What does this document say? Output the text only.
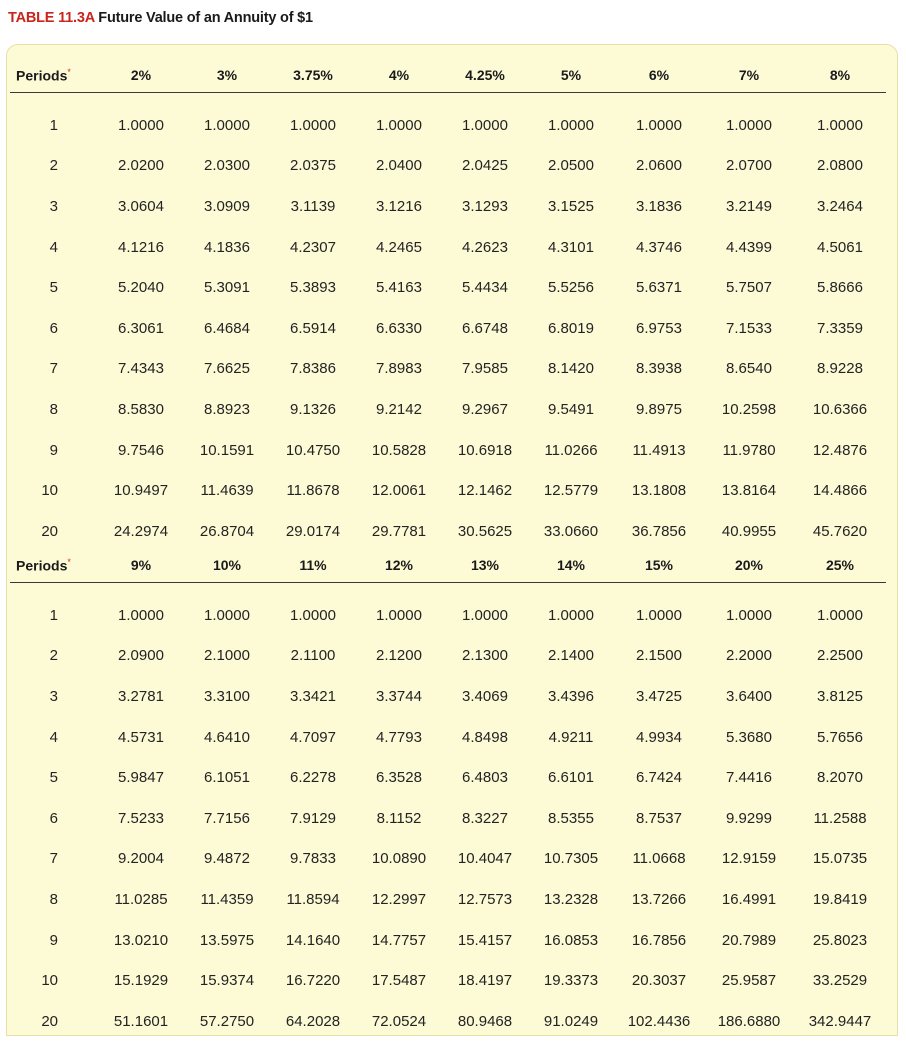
TABLE 11.3A Future Value of an Annuity of $1
Periods*	2%	3%	3.75%	4%	4.25%	5%	6%	7%	8%
1	1.0000	1.0000	1.0000	1.0000	1.0000	1.0000	1.0000	1.0000	1.0000
2	2.0200	2.0300	2.0375	2.0400	2.0425	2.0500	2.0600	2.0700	2.0800
3	3.0604	3.0909	3.1139	3.1216	3.1293	3.1525	3.1836	3.2149	3.2464
4	4.1216	4.1836	4.2307	4.2465	4.2623	4.3101	4.3746	4.4399	4.5061
5	5.2040	5.3091	5.3893	5.4163	5.4434	5.5256	5.6371	5.7507	5.8666
6	6.3061	6.4684	6.5914	6.6330	6.6748	6.8019	6.9753	7.1533	7.3359
7	7.4343	7.6625	7.8386	7.8983	7.9585	8.1420	8.3938	8.6540	8.9228
8	8.5830	8.8923	9.1326	9.2142	9.2967	9.5491	9.8975	10.2598	10.6366
9	9.7546	10.1591	10.4750	10.5828	10.6918	11.0266	11.4913	11.9780	12.4876
10	10.9497	11.4639	11.8678	12.0061	12.1462	12.5779	13.1808	13.8164	14.4866
20	24.2974	26.8704	29.0174	29.7781	30.5625	33.0660	36.7856	40.9955	45.7620
Periods*	9%	10%	11%	12%	13%	14%	15%	20%	25%
1	1.0000	1.0000	1.0000	1.0000	1.0000	1.0000	1.0000	1.0000	1.0000
2	2.0900	2.1000	2.1100	2.1200	2.1300	2.1400	2.1500	2.2000	2.2500
3	3.2781	3.3100	3.3421	3.3744	3.4069	3.4396	3.4725	3.6400	3.8125
4	4.5731	4.6410	4.7097	4.7793	4.8498	4.9211	4.9934	5.3680	5.7656
5	5.9847	6.1051	6.2278	6.3528	6.4803	6.6101	6.7424	7.4416	8.2070
6	7.5233	7.7156	7.9129	8.1152	8.3227	8.5355	8.7537	9.9299	11.2588
7	9.2004	9.4872	9.7833	10.0890	10.4047	10.7305	11.0668	12.9159	15.0735
8	11.0285	11.4359	11.8594	12.2997	12.7573	13.2328	13.7266	16.4991	19.8419
9	13.0210	13.5975	14.1640	14.7757	15.4157	16.0853	16.7856	20.7989	25.8023
10	15.1929	15.9374	16.7220	17.5487	18.4197	19.3373	20.3037	25.9587	33.2529
20	51.1601	57.2750	64.2028	72.0524	80.9468	91.0249	102.4436	186.6880	342.9447
